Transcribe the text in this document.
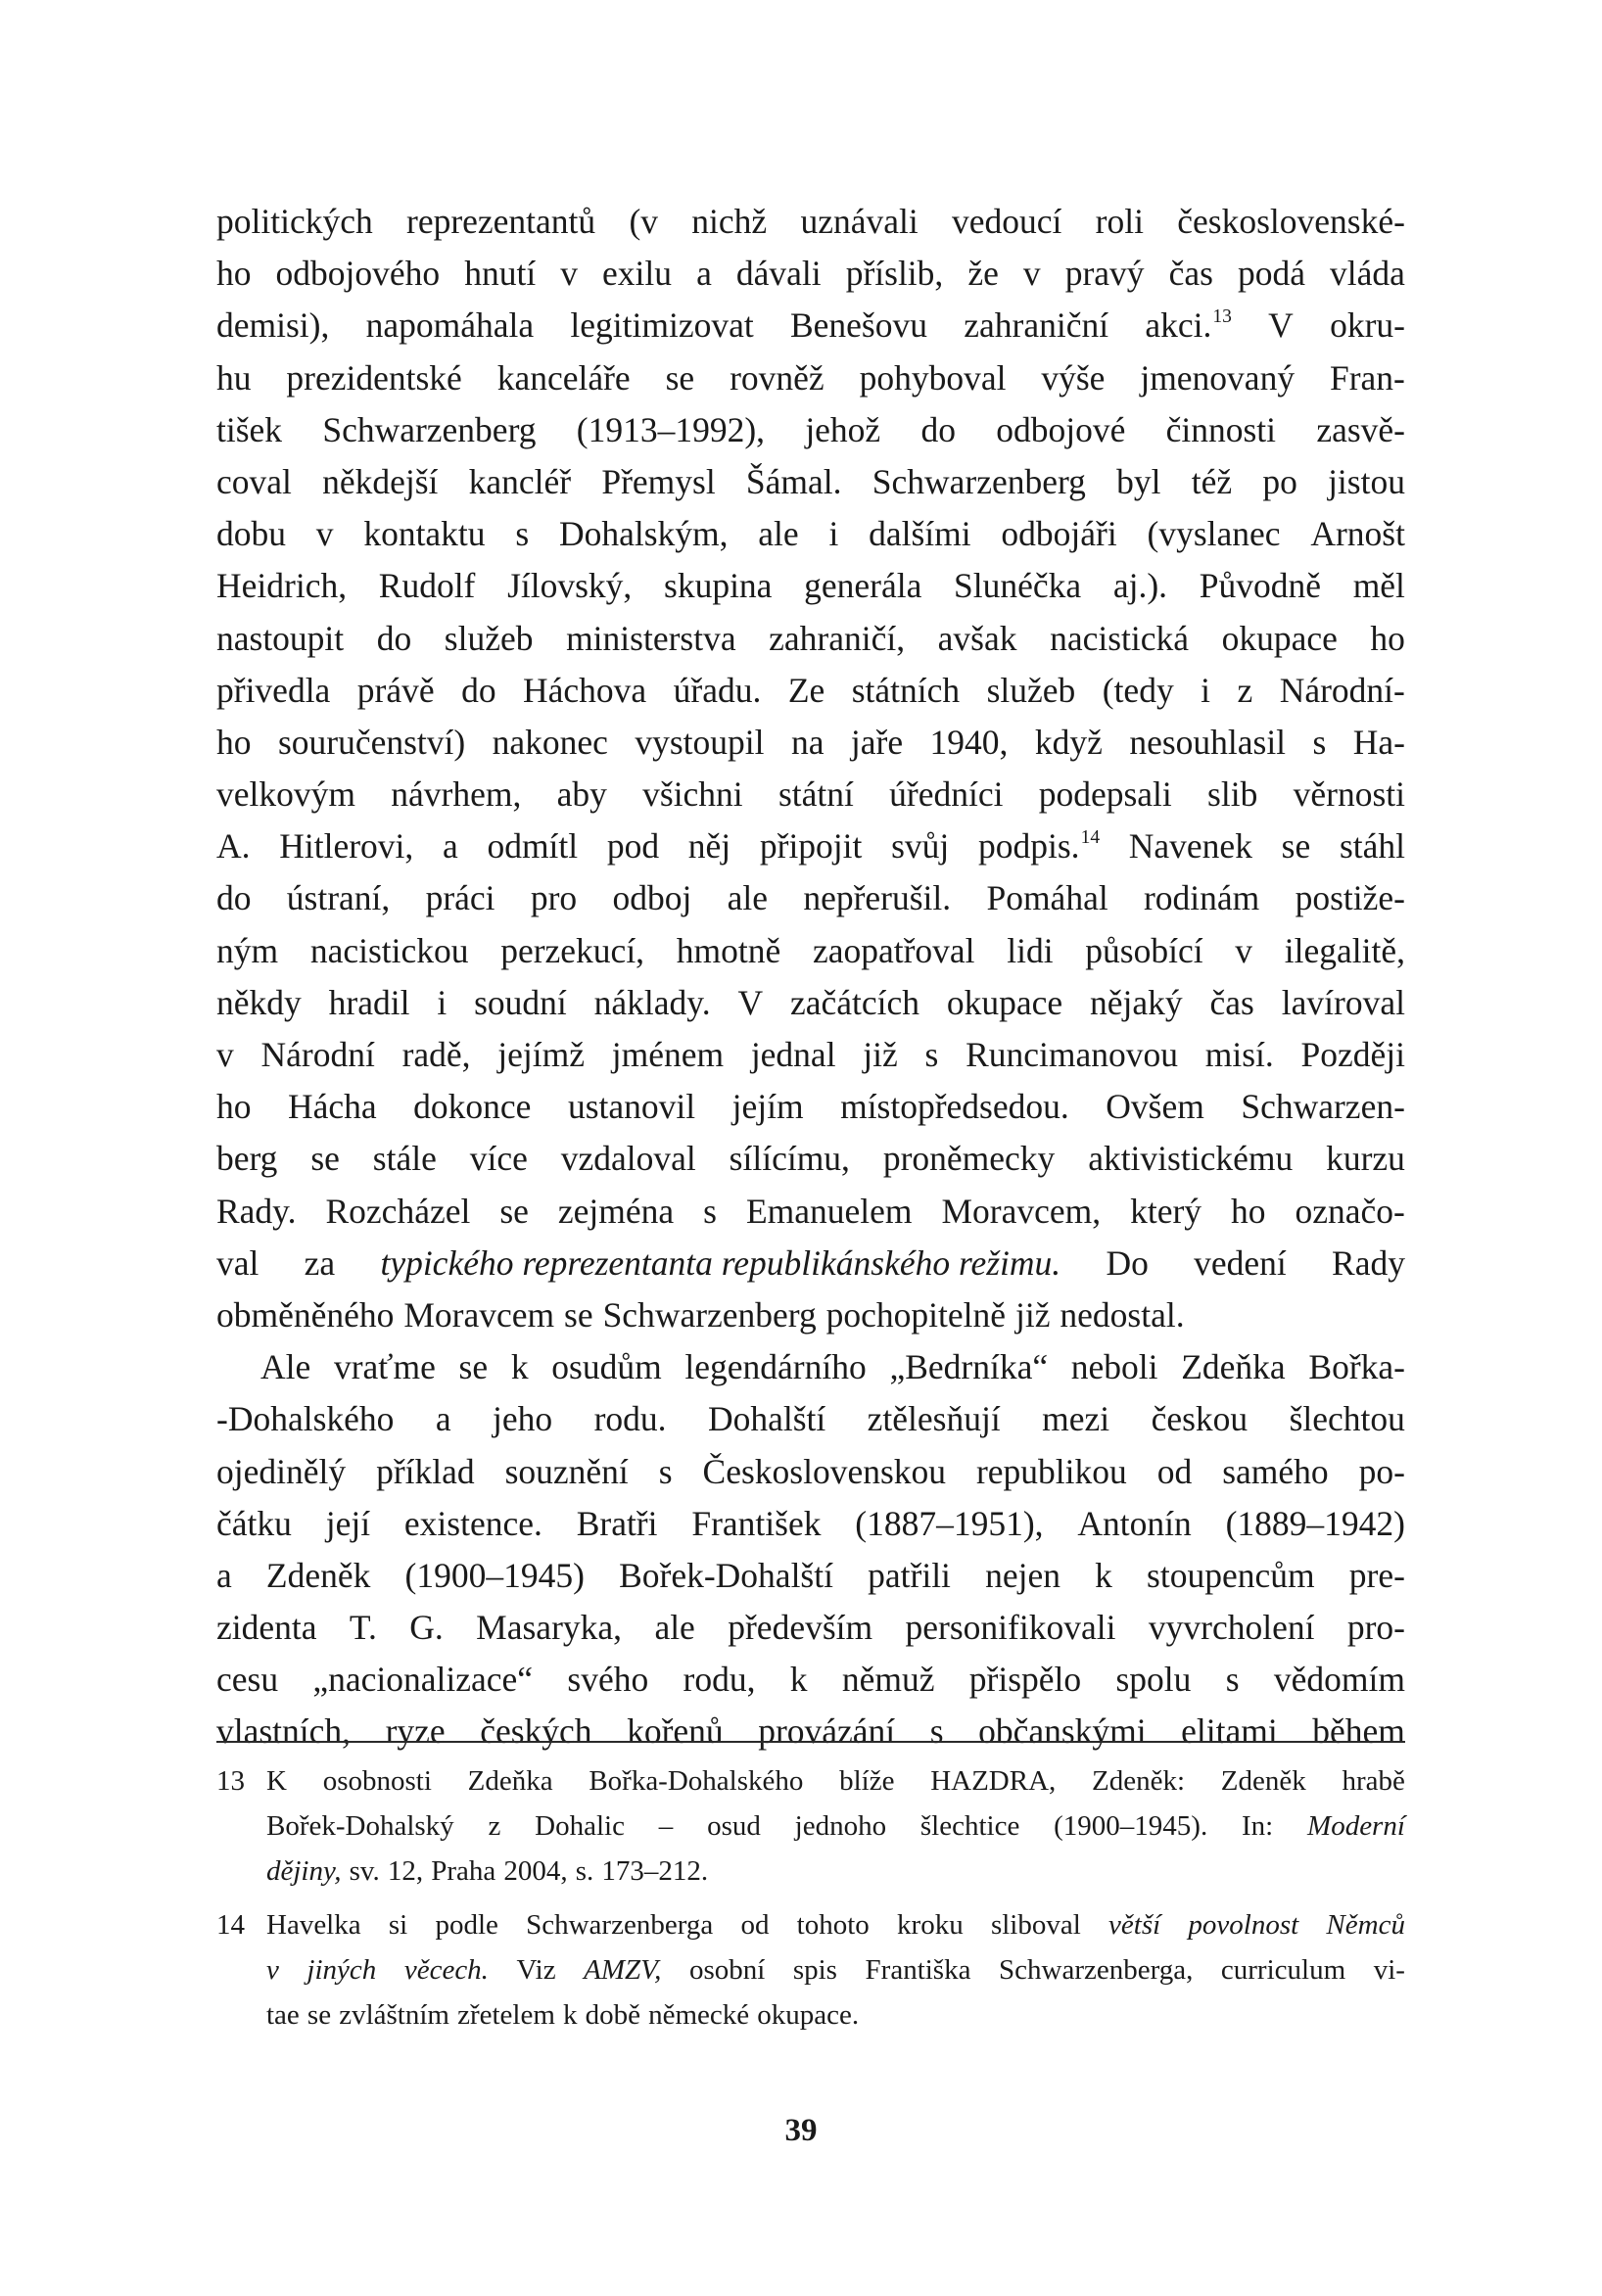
politických reprezentantů (v nichž uznávali vedoucí roli československé-
ho odbojového hnutí v exilu a dávali příslib, že v pravý čas podá vláda
demisi), napomáhala legitimizovat Benešovu zahraniční akci.$^{13}$ V okru-
hu prezidentské kanceláře se rovněž pohyboval výše jmenovaný Fran-
tišek Schwarzenberg (1913–1992), jehož do odbojové činnosti zasvě-
coval někdejší kancléř Přemysl Šámal. Schwarzenberg byl též po jistou
dobu v kontaktu s Dohalským, ale i dalšími odbojáři (vyslanec Arnošt
Heidrich, Rudolf Jílovský, skupina generála Slunéčka aj.). Původně měl
nastoupit do služeb ministerstva zahraničí, avšak nacistická okupace ho
přivedla právě do Háchova úřadu. Ze státních služeb (tedy i z Národní-
ho souručenství) nakonec vystoupil na jaře 1940, když nesouhlasil s Ha-
velkovým návrhem, aby všichni státní úředníci podepsali slib věrnosti
A. Hitlerovi, a odmítl pod něj připojit svůj podpis.$^{14}$ Navenek se stáhl
do ústraní, práci pro odboj ale nepřerušil. Pomáhal rodinám postiže-
ným nacistickou perzekucí, hmotně zaopatřoval lidi působící v ilegalitě,
někdy hradil i soudní náklady. V začátcích okupace nějaký čas lavíroval
v Národní radě, jejímž jménem jednal již s Runcimanovou misí. Později
ho Hácha dokonce ustanovil jejím místopředsedou. Ovšem Schwarzen-
berg se stále více vzdaloval sílícímu, proněmecky aktivistickému kurzu
Rady. Rozcházel se zejména s Emanuelem Moravcem, který ho označo-
val za typického reprezentanta republikánského režimu. Do vedení Rady
obměněného Moravcem se Schwarzenberg pochopitelně již nedostal.
Ale vraťme se k osudům legendárního „Bedrníka“ neboli Zdeňka Bořka-
-Dohalského a jeho rodu. Dohalští ztělesňují mezi českou šlechtou
ojedinělý příklad souznění s Československou republikou od samého po-
čátku její existence. Bratři František (1887–1951), Antonín (1889–1942)
a Zdeněk (1900–1945) Bořek-Dohalští patřili nejen k stoupencům pre-
zidenta T. G. Masaryka, ale především personifikovali vyvrcholení pro-
cesu „nacionalizace“ svého rodu, k němuž přispělo spolu s vědomím
vlastních, ryze českých kořenů provázání s občanskými elitami během
13 K osobnosti Zdeňka Bořka-Dohalského blíže HAZDRA, Zdeněk: Zdeněk hrabě
Bořek-Dohalský z Dohalic – osud jednoho šlechtice (1900–1945). In: Moderní
dějiny, sv. 12, Praha 2004, s. 173–212.
14 Havelka si podle Schwarzenberga od tohoto kroku sliboval větší povolnost Němců
v jiných věcech. Viz AMZV, osobní spis Františka Schwarzenberga, curriculum vi-
tae se zvláštním zřetelem k době německé okupace.
39
